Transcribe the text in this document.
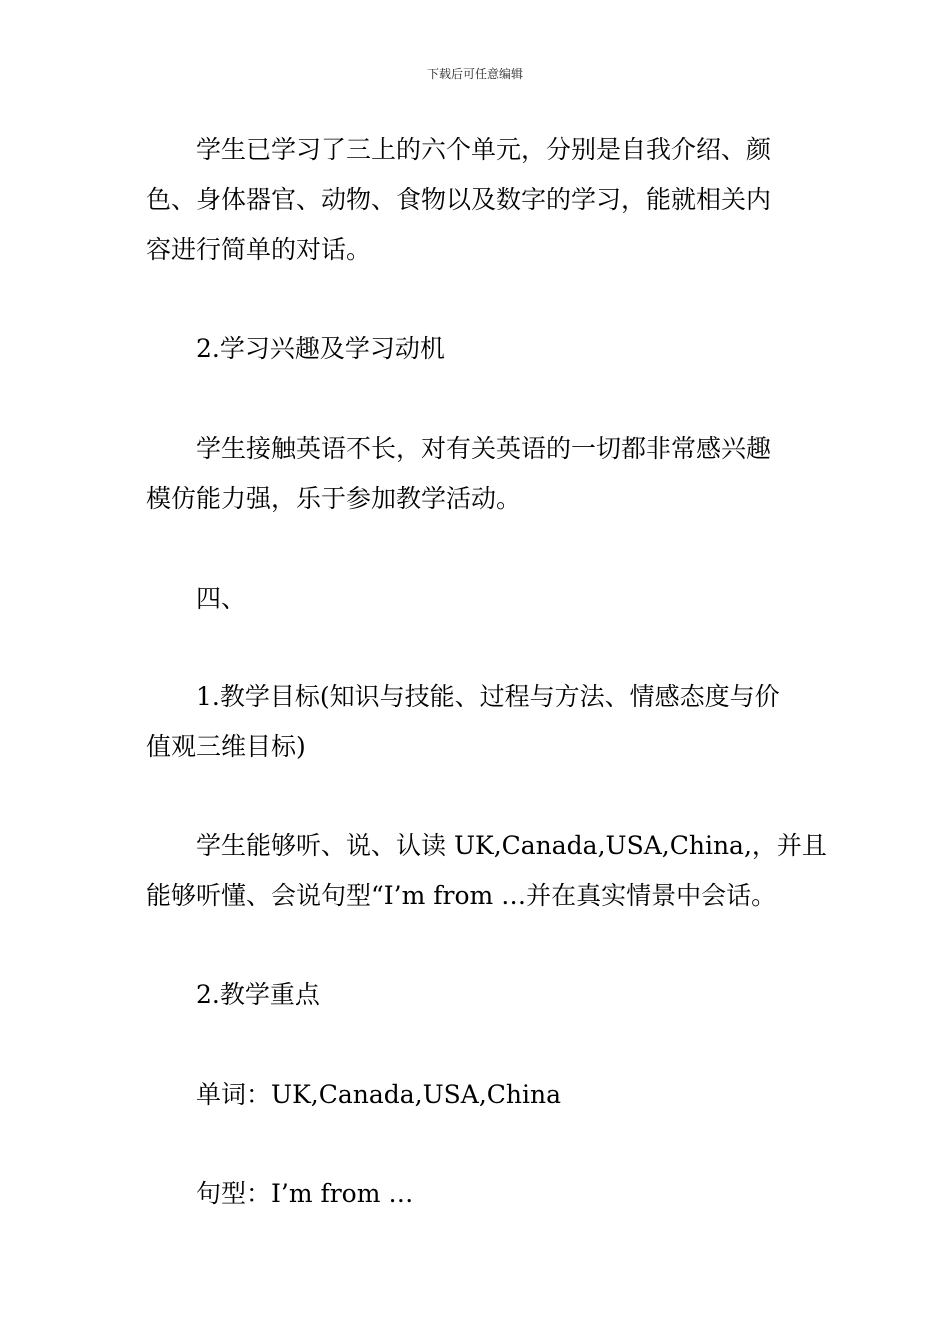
下载后可任意编辑
　　学生已学习了三上的六个单元，分别是自我介绍、颜
色、身体器官、动物、食物以及数字的学习，能就相关内
容进行简单的对话。
　　2.学习兴趣及学习动机
　　学生接触英语不长，对有关英语的一切都非常感兴趣
模仿能力强，乐于参加教学活动。
　　四、
　　1.教学目标(知识与技能、过程与方法、情感态度与价
值观三维目标)
　　学生能够听、说、认读 UK,Canada,USA,China,，并且
能够听懂、会说句型“I’m from …并在真实情景中会话。
　　2.教学重点
　　单词：UK,Canada,USA,China
　　句型：I’m from …
